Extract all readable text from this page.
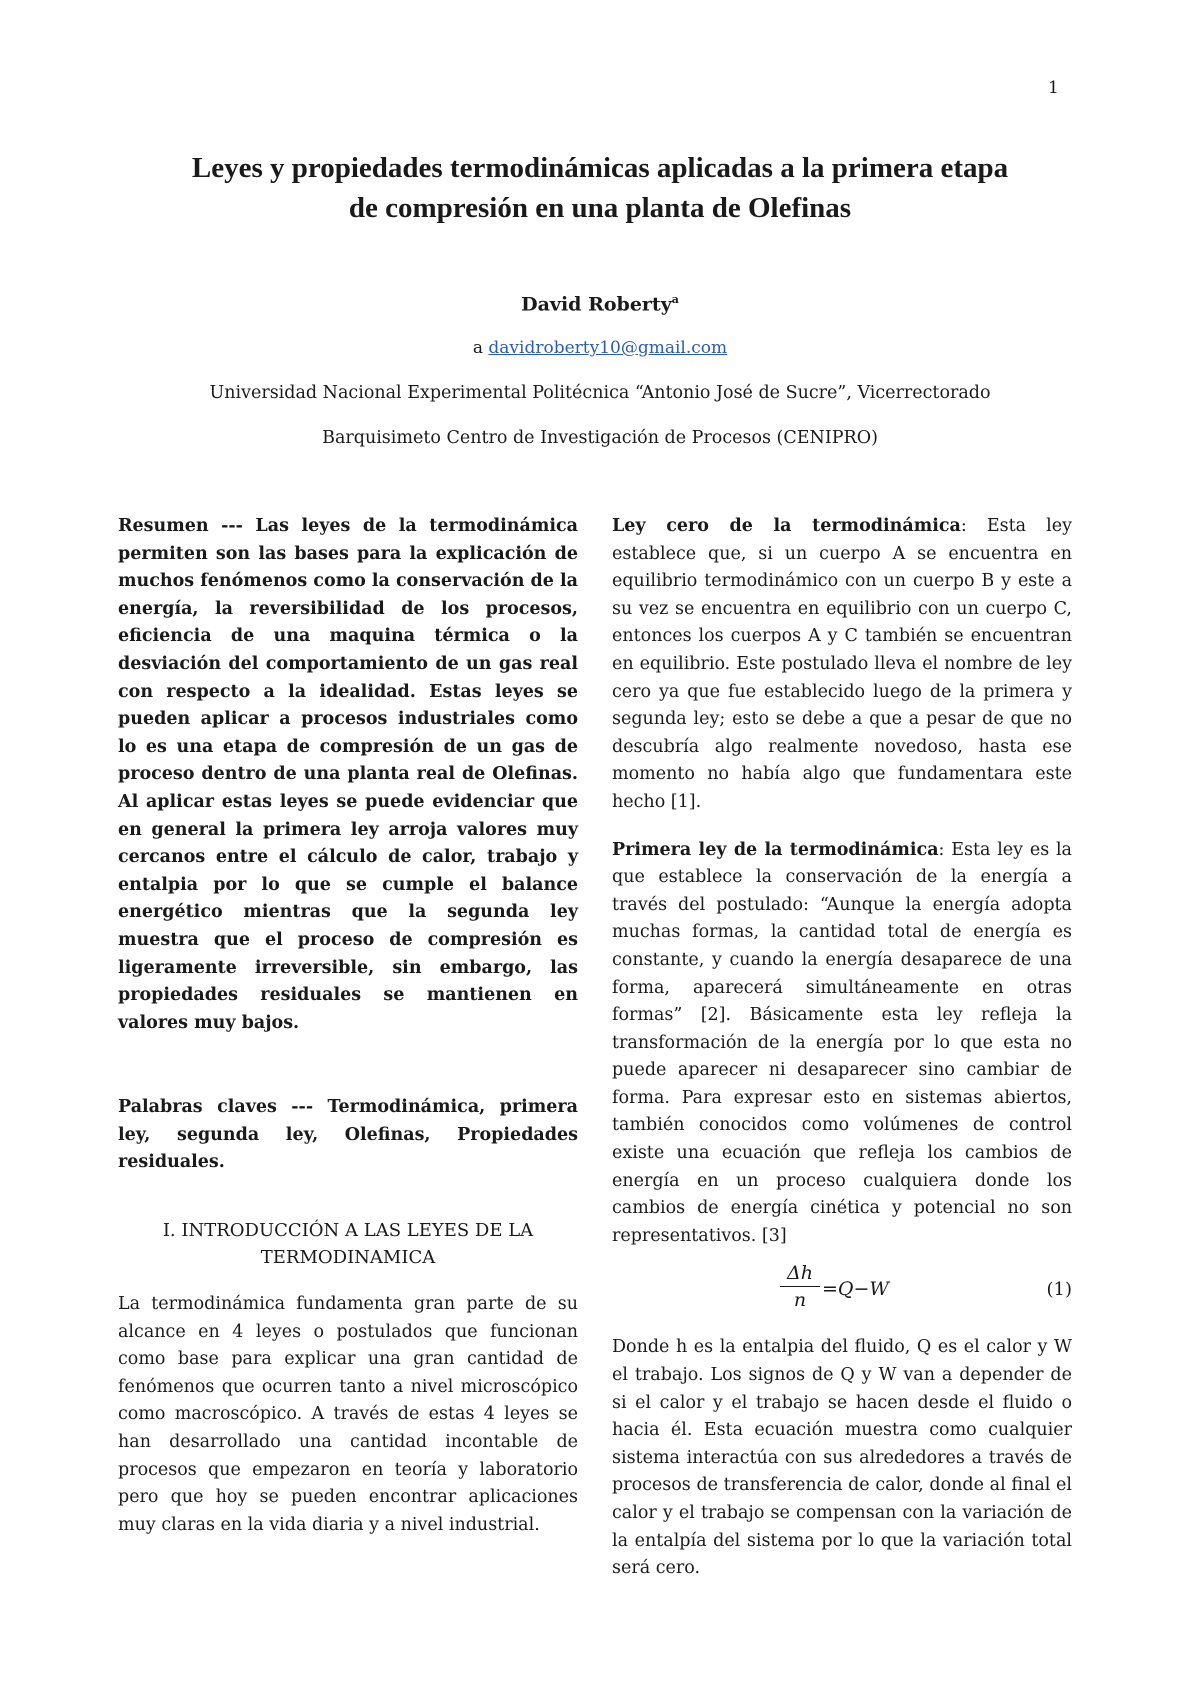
1
Leyes y propiedades termodinámicas aplicadas a la primera etapa
de compresión en una planta de Olefinas
David Roberty$^a$
a davidroberty10@gmail.com
Universidad Nacional Experimental Politécnica “Antonio José de Sucre”, Vicerrectorado
Barquisimeto Centro de Investigación de Procesos (CENIPRO)

Resumen --- Las leyes de la termodinámica permiten son las bases para la explicación de muchos fenómenos como la conservación de la energía, la reversibilidad de los procesos, eficiencia de una maquina térmica o la desviación del comportamiento de un gas real con respecto a la idealidad. Estas leyes se pueden aplicar a procesos industriales como lo es una etapa de compresión de un gas de proceso dentro de una planta real de Olefinas. Al aplicar estas leyes se puede evidenciar que en general la primera ley arroja valores muy cercanos entre el cálculo de calor, trabajo y entalpia por lo que se cumple el balance energético mientras que la segunda ley muestra que el proceso de compresión es ligeramente irreversible, sin embargo, las propiedades residuales se mantienen en valores muy bajos.

Palabras claves --- Termodinámica, primera ley, segunda ley, Olefinas, Propiedades residuales.

I. INTRODUCCIÓN A LAS LEYES DE LA
TERMODINAMICA

La termodinámica fundamenta gran parte de su alcance en 4 leyes o postulados que funcionan como base para explicar una gran cantidad de fenómenos que ocurren tanto a nivel microscópico como macroscópico. A través de estas 4 leyes se han desarrollado una cantidad incontable de procesos que empezaron en teoría y laboratorio pero que hoy se pueden encontrar aplicaciones muy claras en la vida diaria y a nivel industrial.

Ley cero de la termodinámica: Esta ley establece que, si un cuerpo A se encuentra en equilibrio termodinámico con un cuerpo B y este a su vez se encuentra en equilibrio con un cuerpo C, entonces los cuerpos A y C también se encuentran en equilibrio. Este postulado lleva el nombre de ley cero ya que fue establecido luego de la primera y segunda ley; esto se debe a que a pesar de que no descubría algo realmente novedoso, hasta ese momento no había algo que fundamentara este hecho [1].

Primera ley de la termodinámica: Esta ley es la que establece la conservación de la energía a través del postulado: “Aunque la energía adopta muchas formas, la cantidad total de energía es constante, y cuando la energía desaparece de una forma, aparecerá simultáneamente en otras formas” [2]. Básicamente esta ley refleja la transformación de la energía por lo que esta no puede aparecer ni desaparecer sino cambiar de forma. Para expresar esto en sistemas abiertos, también conocidos como volúmenes de control existe una ecuación que refleja los cambios de energía en un proceso cualquiera donde los cambios de energía cinética y potencial no son representativos. [3]

$\frac{\Delta h}{n} =Q-W$	(1)

Donde h es la entalpia del fluido, Q es el calor y W el trabajo. Los signos de Q y W van a depender de si el calor y el trabajo se hacen desde el fluido o hacia él. Esta ecuación muestra como cualquier sistema interactúa con sus alrededores a través de procesos de transferencia de calor, donde al final el calor y el trabajo se compensan con la variación de la entalpía del sistema por lo que la variación total será cero.
